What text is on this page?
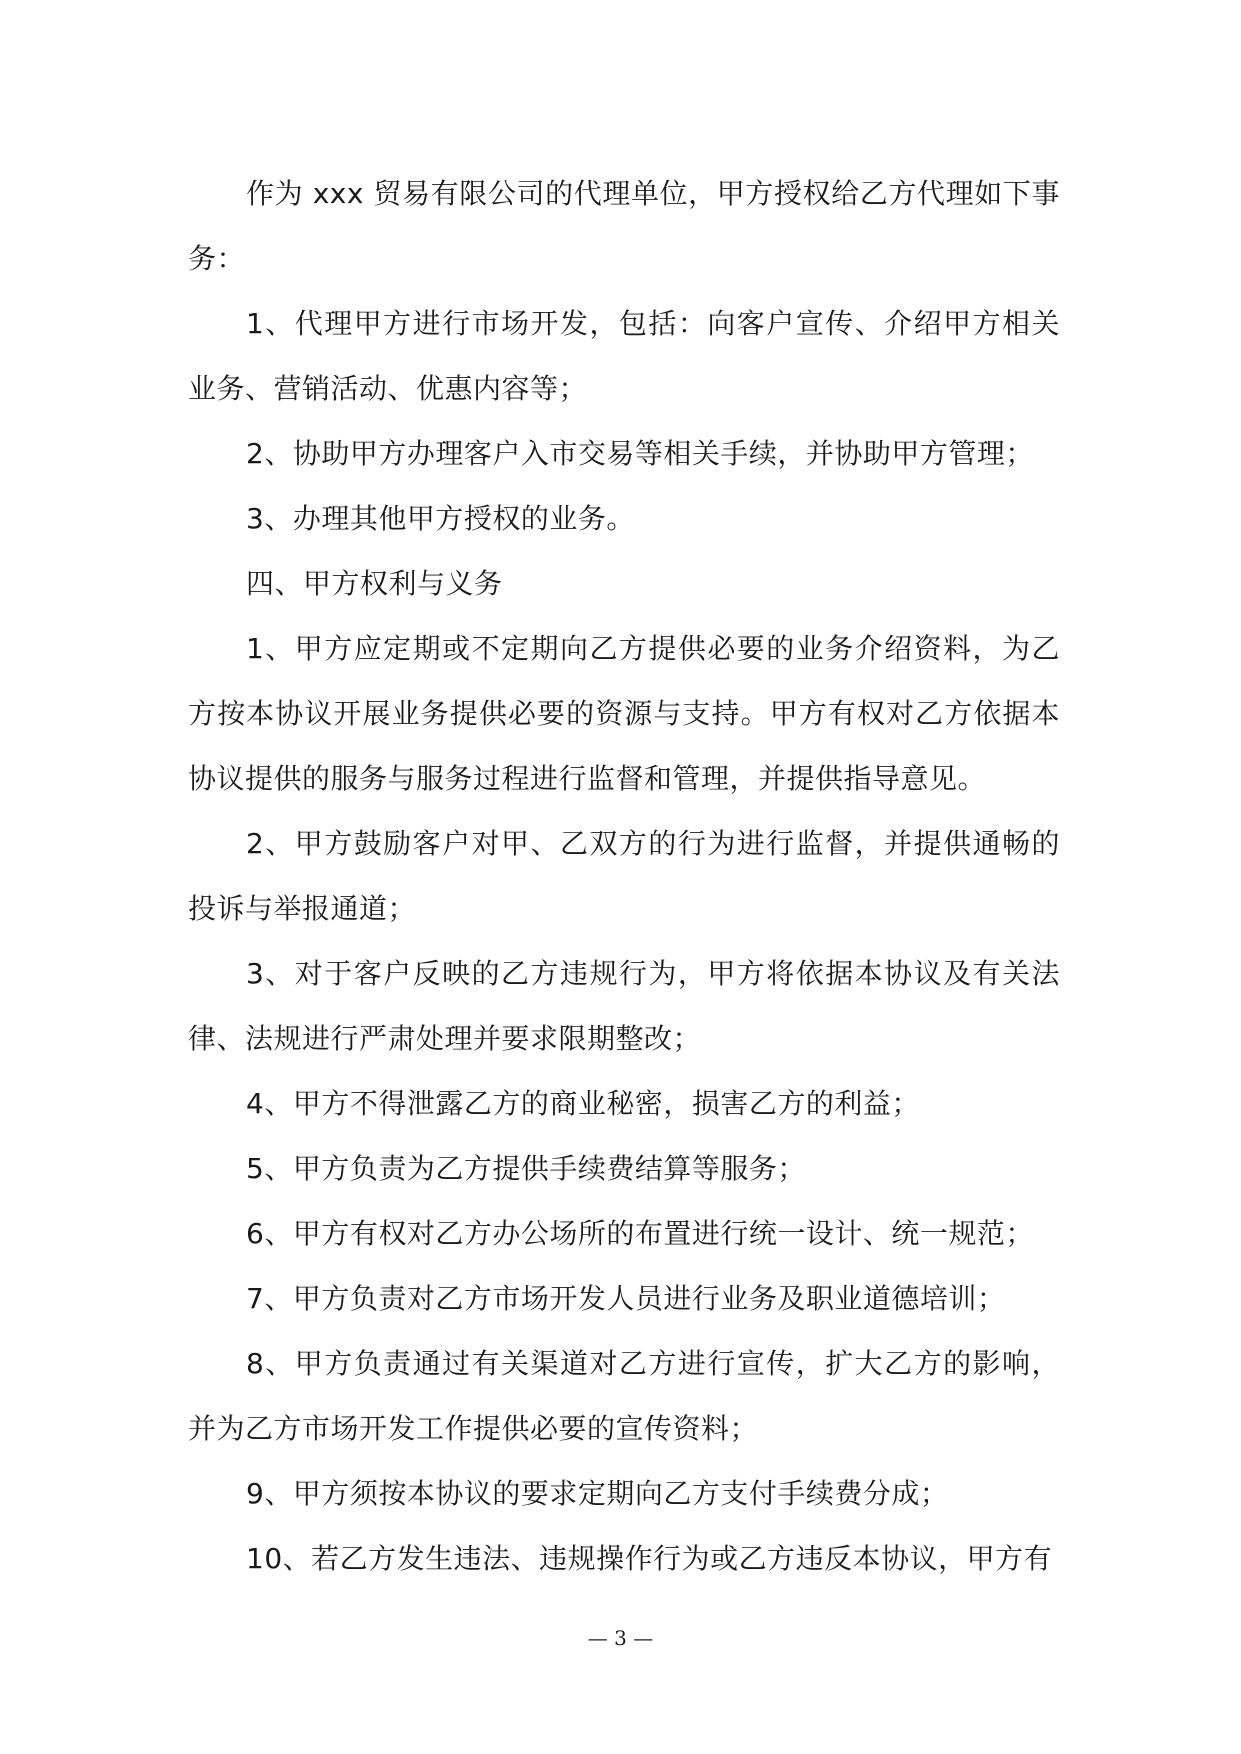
作为 xxx 贸易有限公司的代理单位，甲方授权给乙方代理如下事务：

1、代理甲方进行市场开发，包括：向客户宣传、介绍甲方相关业务、营销活动、优惠内容等；

2、协助甲方办理客户入市交易等相关手续，并协助甲方管理；

3、办理其他甲方授权的业务。

四、甲方权利与义务

1、甲方应定期或不定期向乙方提供必要的业务介绍资料，为乙方按本协议开展业务提供必要的资源与支持。甲方有权对乙方依据本协议提供的服务与服务过程进行监督和管理，并提供指导意见。

2、甲方鼓励客户对甲、乙双方的行为进行监督，并提供通畅的投诉与举报通道；

3、对于客户反映的乙方违规行为，甲方将依据本协议及有关法律、法规进行严肃处理并要求限期整改；

4、甲方不得泄露乙方的商业秘密，损害乙方的利益；

5、甲方负责为乙方提供手续费结算等服务；

6、甲方有权对乙方办公场所的布置进行统一设计、统一规范；

7、甲方负责对乙方市场开发人员进行业务及职业道德培训；

8、甲方负责通过有关渠道对乙方进行宣传，扩大乙方的影响，并为乙方市场开发工作提供必要的宣传资料；

9、甲方须按本协议的要求定期向乙方支付手续费分成；

10、若乙方发生违法、违规操作行为或乙方违反本协议，甲方有

— 3 —
